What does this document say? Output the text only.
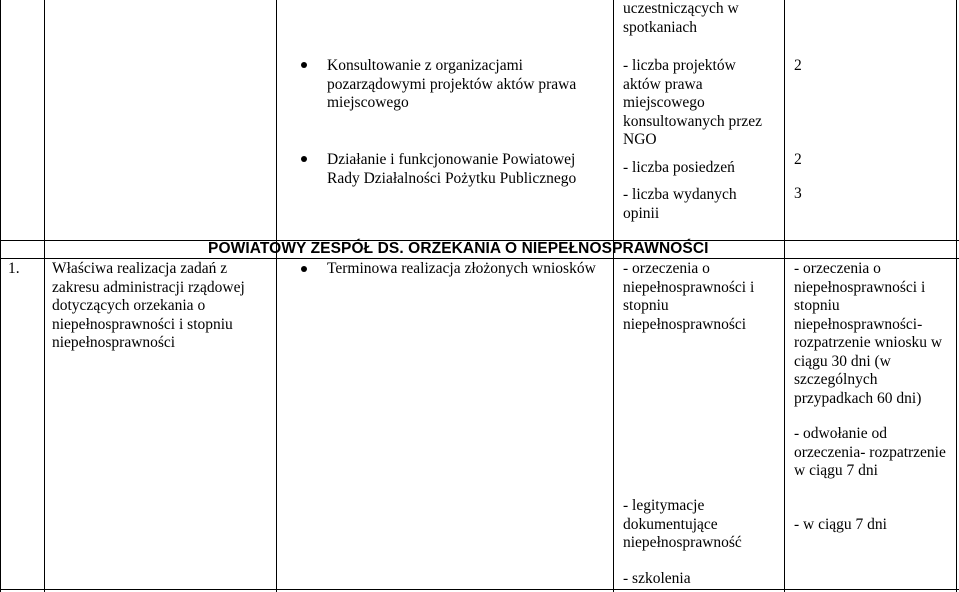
uczestniczących w spotkaniach
Konsultowanie z organizacjami pozarządowymi projektów aktów prawa miejscowego
Działanie i funkcjonowanie Powiatowej Rady Działalności Pożytku Publicznego
- liczba projektów aktów prawa miejscowego konsultowanych przez NGO
- liczba posiedzeń
- liczba wydanych opinii
2
2
3
POWIATOWY ZESPÓŁ DS. ORZEKANIA O NIEPEŁNOSPRAWNOŚCI
1. Właściwa realizacja zadań z zakresu administracji rządowej dotyczących orzekania o niepełnosprawności i stopniu niepełnosprawności
Terminowa realizacja złożonych wniosków	- orzeczenia o niepełnosprawności i stopniu niepełnosprawności
- legitymacje dokumentujące niepełnosprawność
- szkolenia
- orzeczenia o niepełnosprawności i stopniu niepełnosprawności- rozpatrzenie wniosku w ciągu 30 dni (w szczególnych przypadkach 60 dni)
- odwołanie od orzeczenia- rozpatrzenie w ciągu 7 dni
- w ciągu 7 dni
